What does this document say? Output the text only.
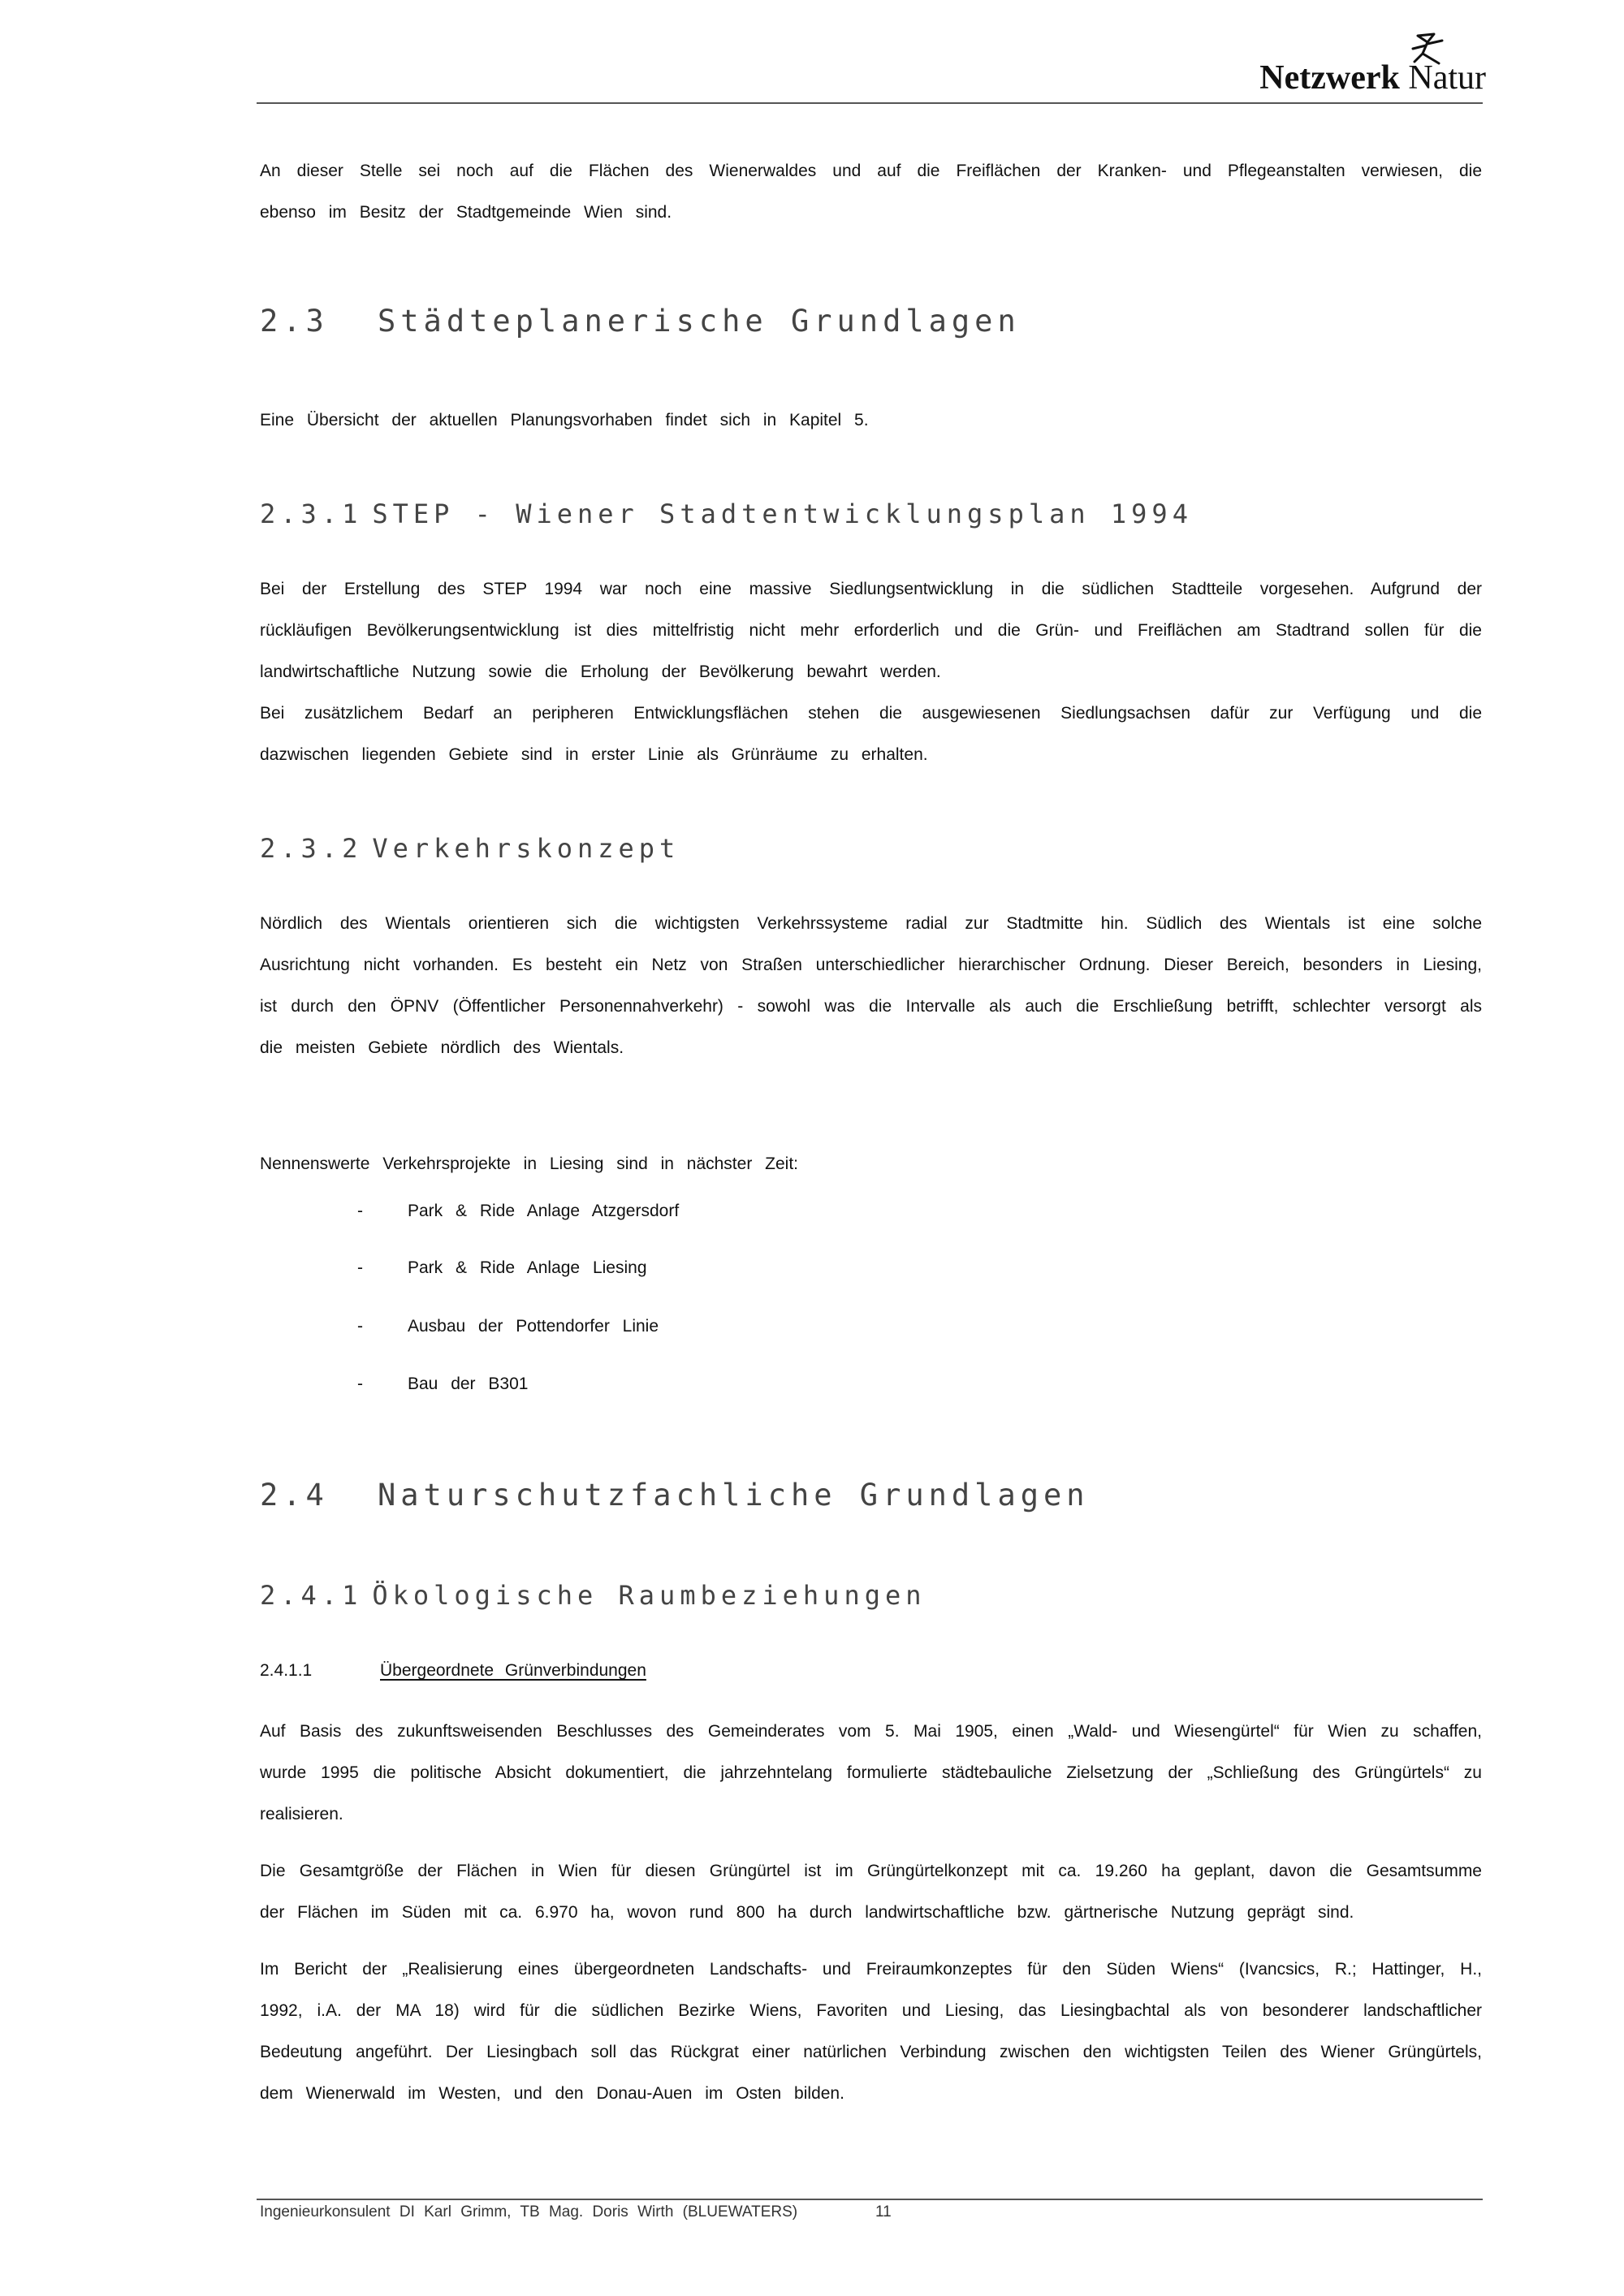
Netzwerk Natur

An dieser Stelle sei noch auf die Flächen des Wienerwaldes und auf die Freiflächen der Kranken- und Pflegeanstalten verwiesen, die ebenso im Besitz der Stadtgemeinde Wien sind.

2.3 Städteplanerische Grundlagen

Eine Übersicht der aktuellen Planungsvorhaben findet sich in Kapitel 5.

2.3.1 STEP - Wiener Stadtentwicklungsplan 1994

Bei der Erstellung des STEP 1994 war noch eine massive Siedlungsentwicklung in die südlichen Stadtteile vorgesehen. Aufgrund der rückläufigen Bevölkerungsentwicklung ist dies mittelfristig nicht mehr erforderlich und die Grün- und Freiflächen am Stadtrand sollen für die landwirtschaftliche Nutzung sowie die Erholung der Bevölkerung bewahrt werden.

Bei zusätzlichem Bedarf an peripheren Entwicklungsflächen stehen die ausgewiesenen Siedlungsachsen dafür zur Verfügung und die dazwischen liegenden Gebiete sind in erster Linie als Grünräume zu erhalten.

2.3.2 Verkehrskonzept

Nördlich des Wientals orientieren sich die wichtigsten Verkehrssysteme radial zur Stadtmitte hin. Südlich des Wientals ist eine solche Ausrichtung nicht vorhanden. Es besteht ein Netz von Straßen unterschiedlicher hierarchischer Ordnung. Dieser Bereich, besonders in Liesing, ist durch den ÖPNV (Öffentlicher Personennahverkehr) - sowohl was die Intervalle als auch die Erschließung betrifft, schlechter versorgt als die meisten Gebiete nördlich des Wientals.

Nennenswerte Verkehrsprojekte in Liesing sind in nächster Zeit:

-	Park & Ride Anlage Atzgersdorf
-	Park & Ride Anlage Liesing
-	Ausbau der Pottendorfer Linie
-	Bau der B301
2.4 Naturschutzfachliche Grundlagen
2.4.1 Ökologische Raumbeziehungen
2.4.1.1	Übergeordnete Grünverbindungen

Auf Basis des zukunftsweisenden Beschlusses des Gemeinderates vom 5. Mai 1905, einen „Wald- und Wiesengürtel“ für Wien zu schaffen, wurde 1995 die politische Absicht dokumentiert, die jahrzehntelang formulierte städtebauliche Zielsetzung der „Schließung des Grüngürtels“ zu realisieren.

Die Gesamtgröße der Flächen in Wien für diesen Grüngürtel ist im Grüngürtelkonzept mit ca. 19.260 ha geplant, davon die Gesamtsumme der Flächen im Süden mit ca. 6.970 ha, wovon rund 800 ha durch landwirtschaftliche bzw. gärtnerische Nutzung geprägt sind.

Im Bericht der „Realisierung eines übergeordneten Landschafts- und Freiraumkonzeptes für den Süden Wiens“ (Ivancsics, R.; Hattinger, H., 1992, i.A. der MA 18) wird für die südlichen Bezirke Wiens, Favoriten und Liesing, das Liesingbachtal als von besonderer landschaftlicher Bedeutung angeführt. Der Liesingbach soll das Rückgrat einer natürlichen Verbindung zwischen den wichtigsten Teilen des Wiener Grüngürtels, dem Wienerwald im Westen, und den Donau-Auen im Osten bilden.

Ingenieurkonsulent DI Karl Grimm, TB Mag. Doris Wirth (BLUEWATERS)	11
